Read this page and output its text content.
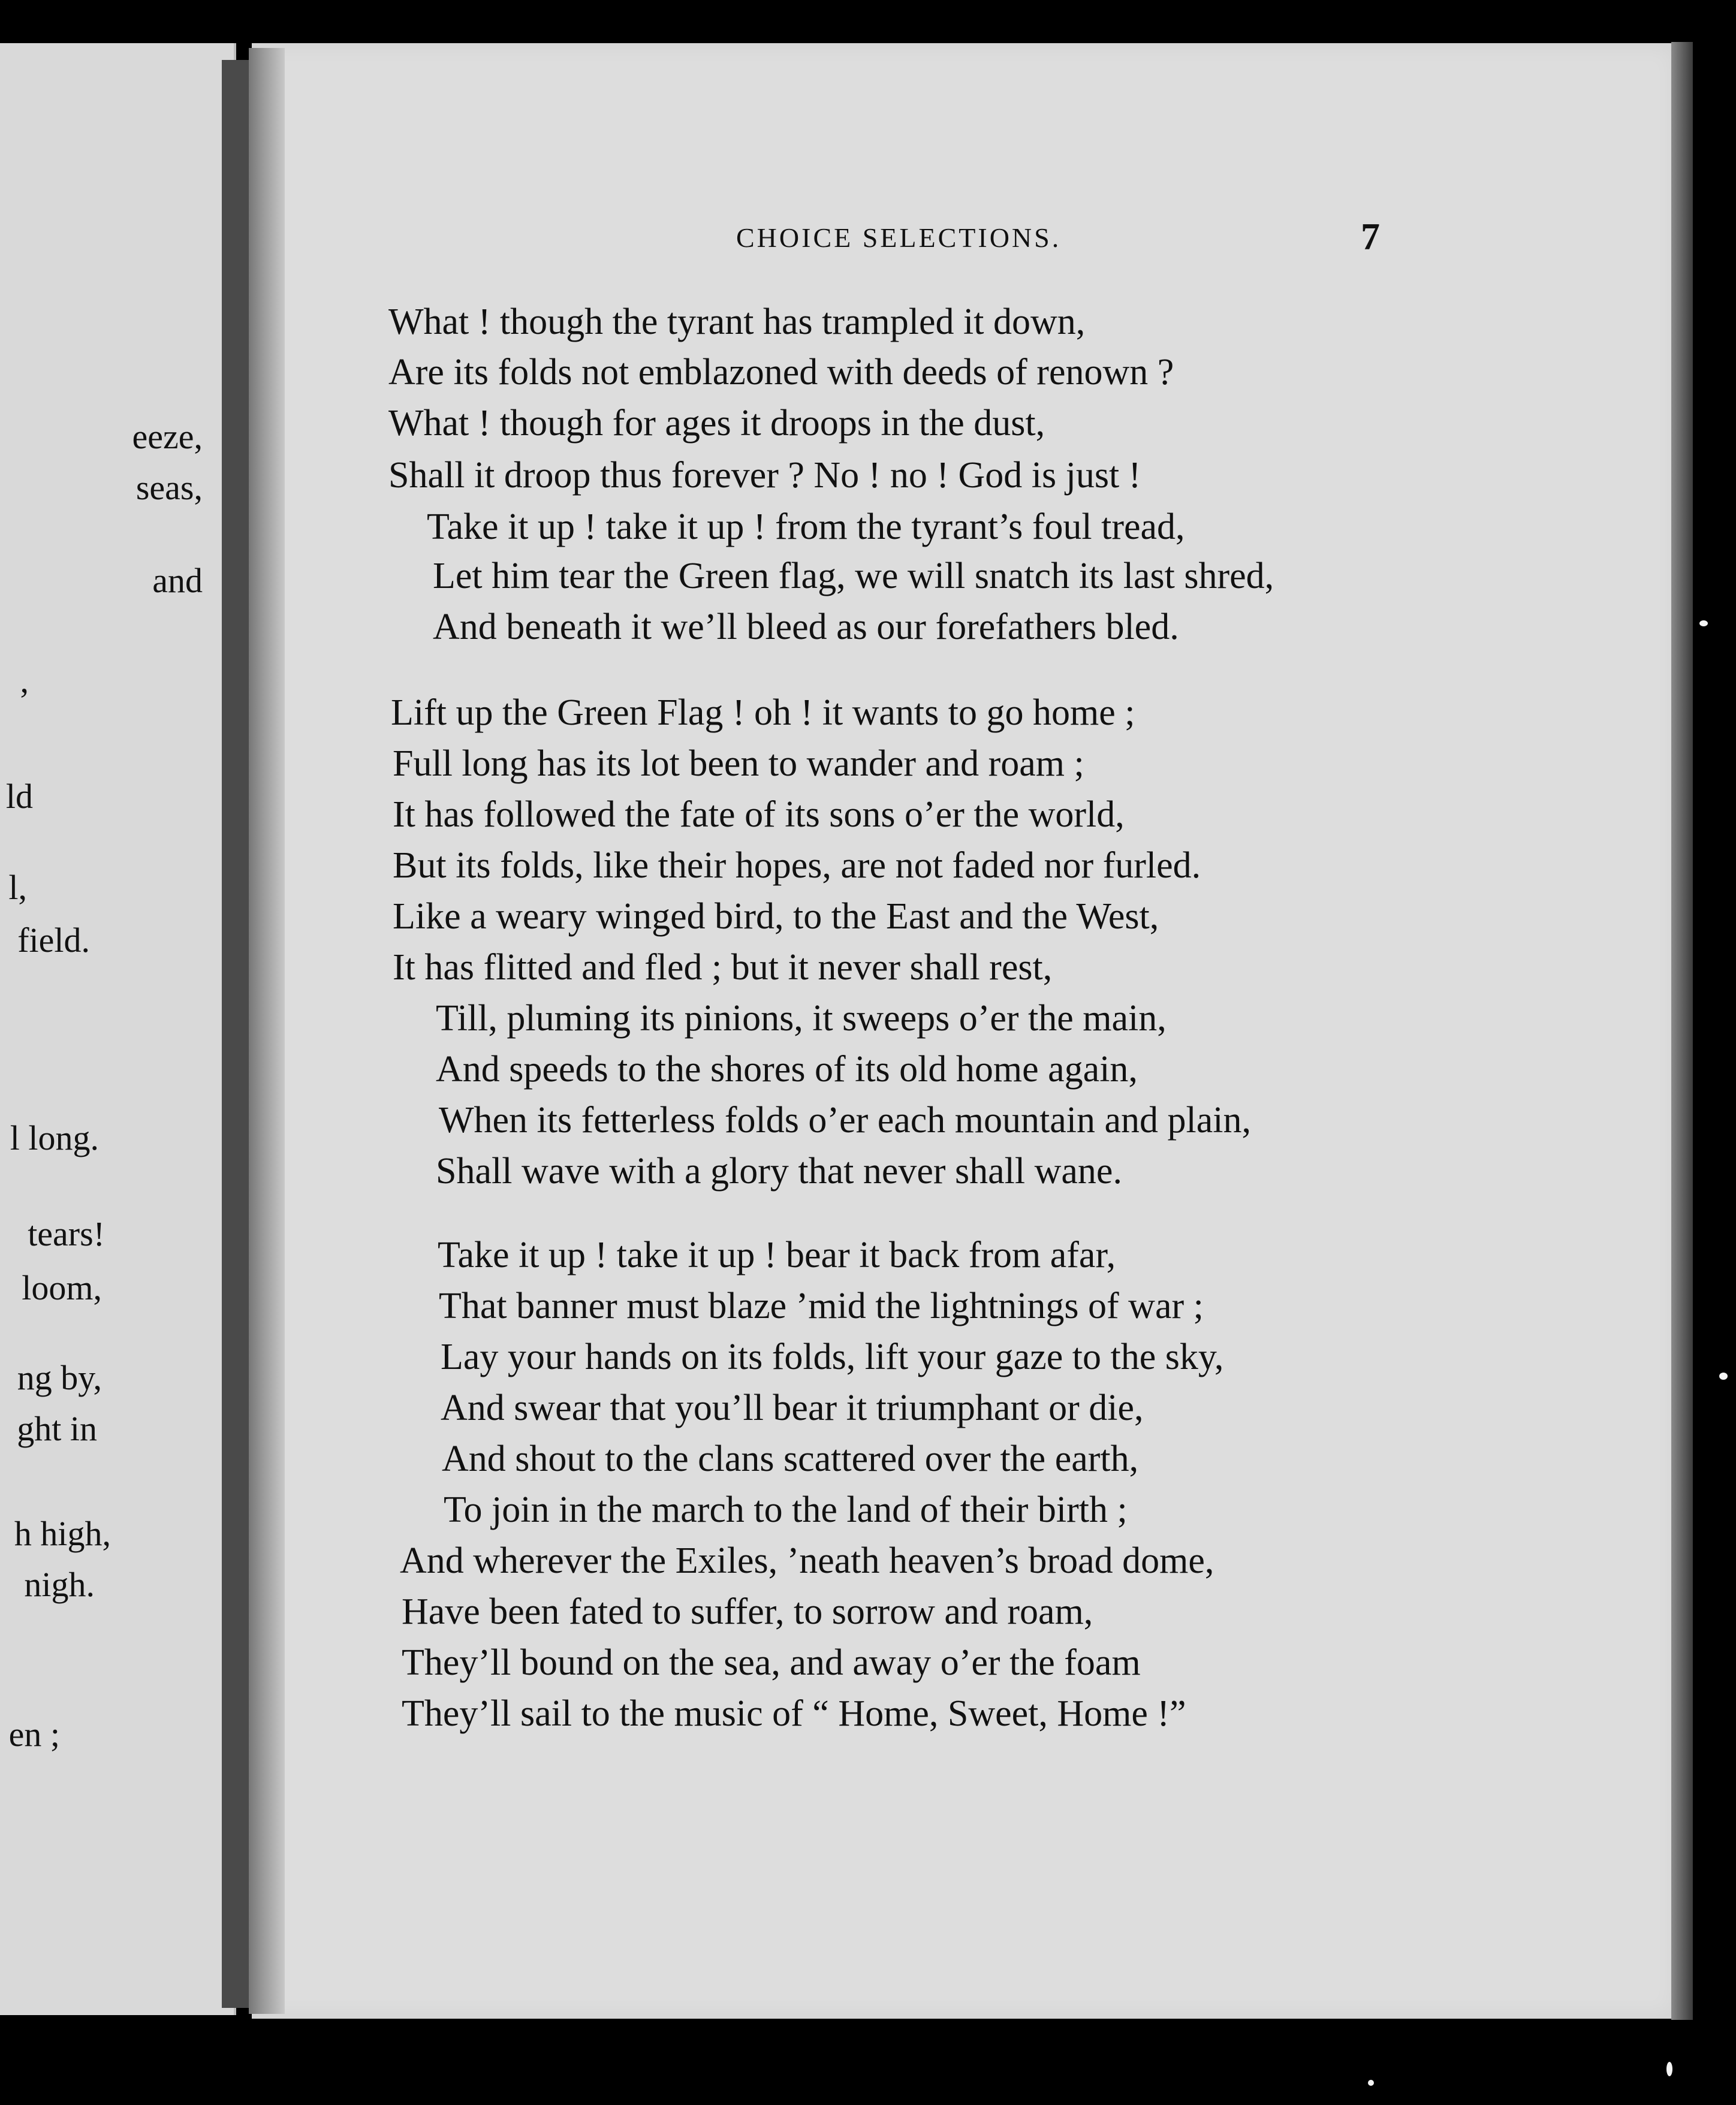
eeze,
seas,
and
’
ld
l,
field.
l long.
tears!
loom,
ng by,
ght in
h high,
nigh.
en ;
CHOICE SELECTIONS.	7
What ! though the tyrant has trampled it down,
Are its folds not emblazoned with deeds of renown ?
What ! though for ages it droops in the dust,
Shall it droop thus forever ? No ! no ! God is just !
Take it up ! take it up ! from the tyrant’s foul tread,
Let him tear the Green flag, we will snatch its last shred,
And beneath it we’ll bleed as our forefathers bled.
Lift up the Green Flag ! oh ! it wants to go home ;
Full long has its lot been to wander and roam ;
It has followed the fate of its sons o’er the world,
But its folds, like their hopes, are not faded nor furled.
Like a weary winged bird, to the East and the West,
It has flitted and fled ; but it never shall rest,
Till, pluming its pinions, it sweeps o’er the main,
And speeds to the shores of its old home again,
When its fetterless folds o’er each mountain and plain,
Shall wave with a glory that never shall wane.
Take it up ! take it up ! bear it back from afar,
That banner must blaze ’mid the lightnings of war ;
Lay your hands on its folds, lift your gaze to the sky,
And swear that you’ll bear it triumphant or die,
And shout to the clans scattered over the earth,
To join in the march to the land of their birth ;
And wherever the Exiles, ’neath heaven’s broad dome,
Have been fated to suffer, to sorrow and roam,
They’ll bound on the sea, and away o’er the foam
They’ll sail to the music of “ Home, Sweet, Home !”
